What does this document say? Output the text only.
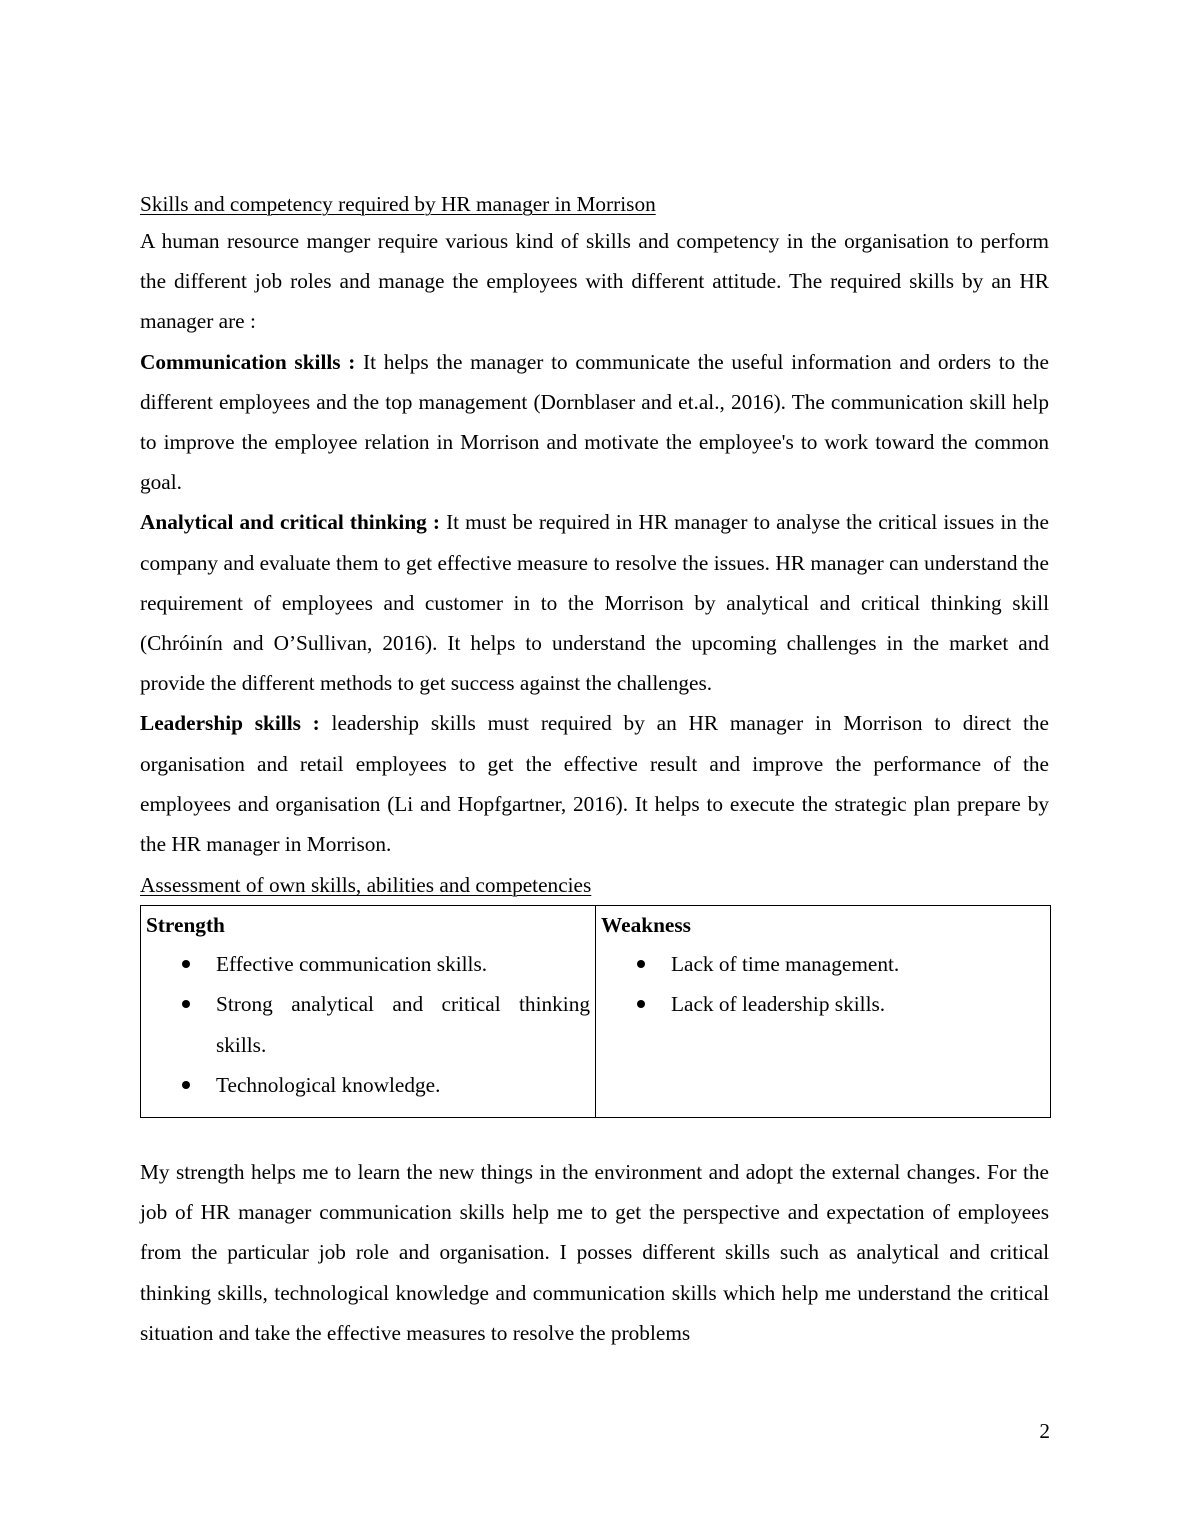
Skills and competency required by HR manager in Morrison

A human resource manger require various kind of skills and competency in the organisation to perform the different job roles and manage the employees with different attitude. The required skills by an HR manager are :

Communication skills : It helps the manager to communicate the useful information and orders to the different employees and the top management (Dornblaser and et.al., 2016). The communication skill help to improve the employee relation in Morrison and motivate the employee's to work toward the common goal.

Analytical and critical thinking : It must be required in HR manager to analyse the critical issues in the company and evaluate them to get effective measure to resolve the issues. HR manager can understand the requirement of employees and customer in to the Morrison by analytical and critical thinking skill (Chróinín and O’Sullivan, 2016). It helps to understand the upcoming challenges in the market and provide the different methods to get success against the challenges.

Leadership skills : leadership skills must required by an HR manager in Morrison to direct the organisation and retail employees to get the effective result and improve the performance of the employees and organisation (Li and Hopfgartner, 2016). It helps to execute the strategic plan prepare by the HR manager in Morrison.

Assessment of own skills, abilities and competencies

Strength
Effective communication skills.
Strong analytical and critical thinking skills.
Technological knowledge.

Weakness
Lack of time management.
Lack of leadership skills.

My strength helps me to learn the new things in the environment and adopt the external changes. For the job of HR manager communication skills help me to get the perspective and expectation of employees from the particular job role and organisation. I posses different skills such as analytical and critical thinking skills, technological knowledge and communication skills which help me understand the critical situation and take the effective measures to resolve the problems

2
